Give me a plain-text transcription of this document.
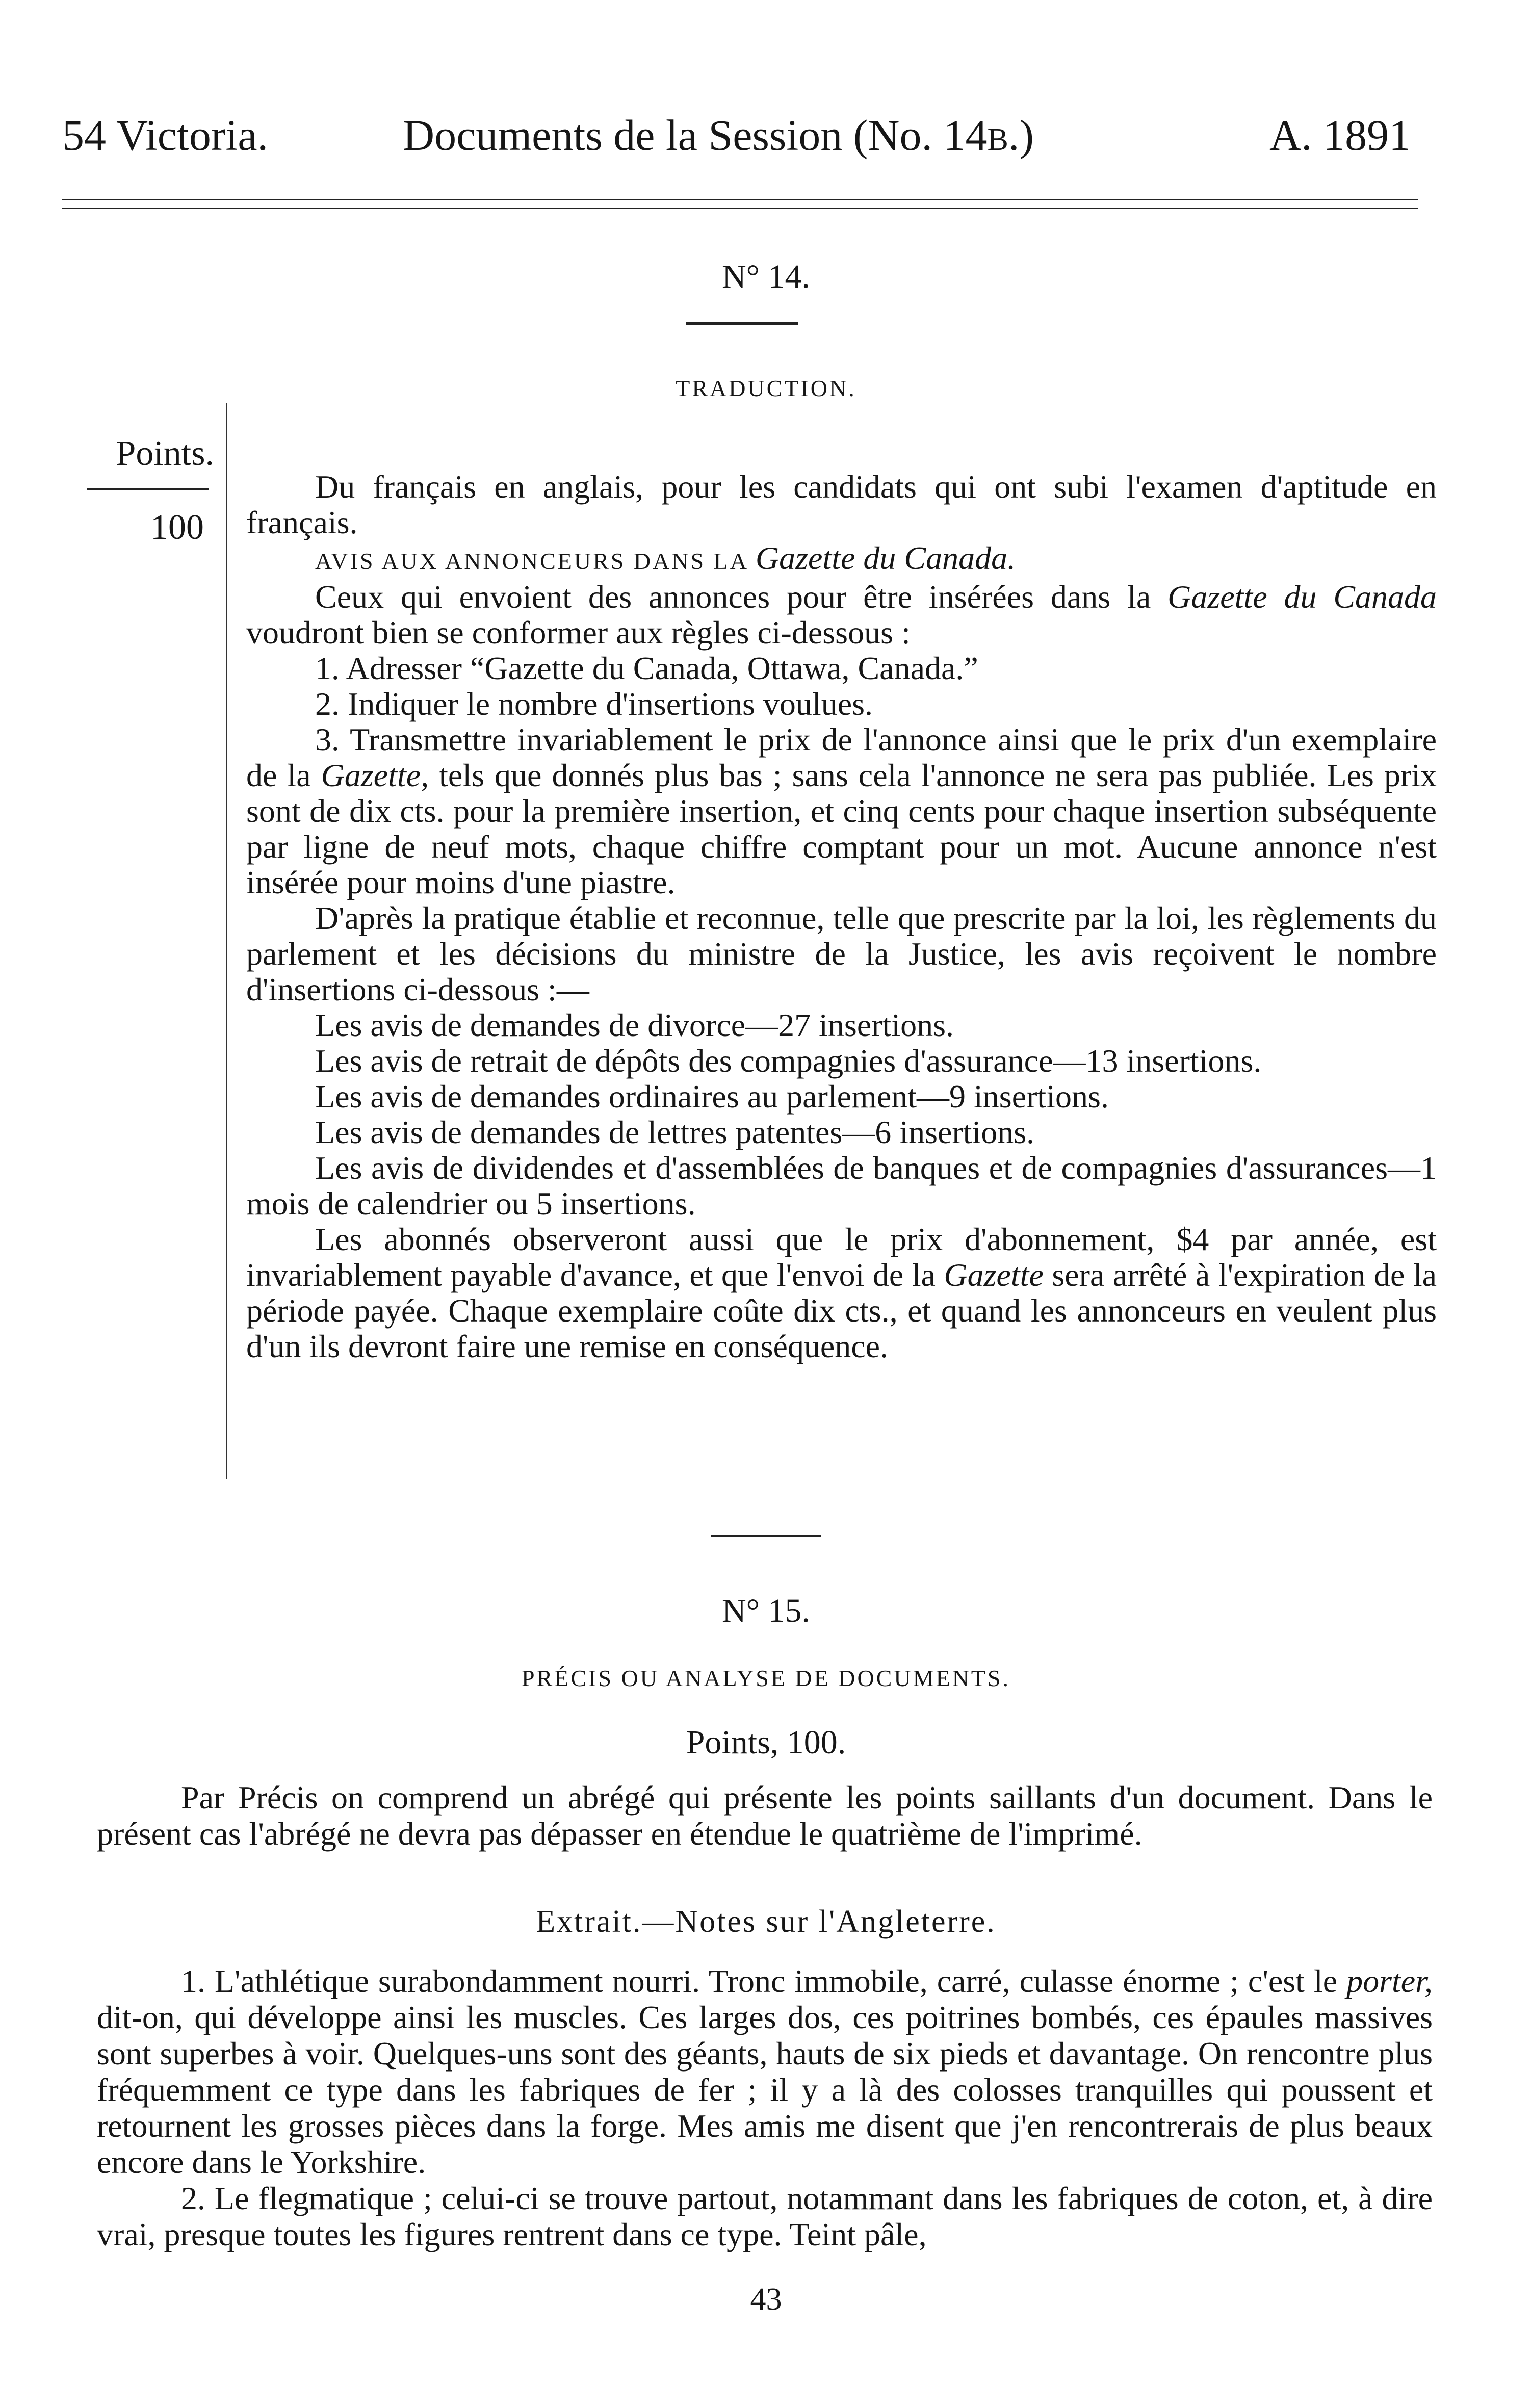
54 Victoria.	Documents de la Session (No. 14B.)	A. 1891
N° 14.
TRADUCTION.
Points.
100

Du français en anglais, pour les candidats qui ont subi l'examen d'aptitude en français.

AVIS AUX ANNONCEURS DANS LA Gazette du Canada.

Ceux qui envoient des annonces pour être insérées dans la Gazette du Canada voudront bien se conformer aux règles ci-dessous :

1. Adresser “Gazette du Canada, Ottawa, Canada.”

2. Indiquer le nombre d'insertions voulues.

3. Transmettre invariablement le prix de l'annonce ainsi que le prix d'un exemplaire de la Gazette, tels que donnés plus bas ; sans cela l'annonce ne sera pas publiée. Les prix sont de dix cts. pour la première insertion, et cinq cents pour chaque insertion subséquente par ligne de neuf mots, chaque chiffre comptant pour un mot. Aucune annonce n'est insérée pour moins d'une piastre.

D'après la pratique établie et reconnue, telle que prescrite par la loi, les règlements du parlement et les décisions du ministre de la Justice, les avis reçoivent le nombre d'insertions ci-dessous :—

Les avis de demandes de divorce—27 insertions.

Les avis de retrait de dépôts des compagnies d'assurance—13 insertions.

Les avis de demandes ordinaires au parlement—9 insertions.

Les avis de demandes de lettres patentes—6 insertions.

Les avis de dividendes et d'assemblées de banques et de compagnies d'assurances—1 mois de calendrier ou 5 insertions.

Les abonnés observeront aussi que le prix d'abonnement, $4 par année, est invariablement payable d'avance, et que l'envoi de la Gazette sera arrêté à l'expiration de la période payée. Chaque exemplaire coûte dix cts., et quand les annonceurs en veulent plus d'un ils devront faire une remise en conséquence.

N° 15.
PRÉCIS OU ANALYSE DE DOCUMENTS.
Points, 100.

Par Précis on comprend un abrégé qui présente les points saillants d'un document. Dans le présent cas l'abrégé ne devra pas dépasser en étendue le quatrième de l'imprimé.

Extrait.—Notes sur l'Angleterre.

1. L'athlétique surabondamment nourri. Tronc immobile, carré, culasse énorme ; c'est le porter, dit-on, qui développe ainsi les muscles. Ces larges dos, ces poitrines bombés, ces épaules massives sont superbes à voir. Quelques-uns sont des géants, hauts de six pieds et davantage. On rencontre plus fréquemment ce type dans les fabriques de fer ; il y a là des colosses tranquilles qui poussent et retournent les grosses pièces dans la forge. Mes amis me disent que j'en rencontrerais de plus beaux encore dans le Yorkshire.

2. Le flegmatique ; celui-ci se trouve partout, notammant dans les fabriques de coton, et, à dire vrai, presque toutes les figures rentrent dans ce type. Teint pâle,

43
